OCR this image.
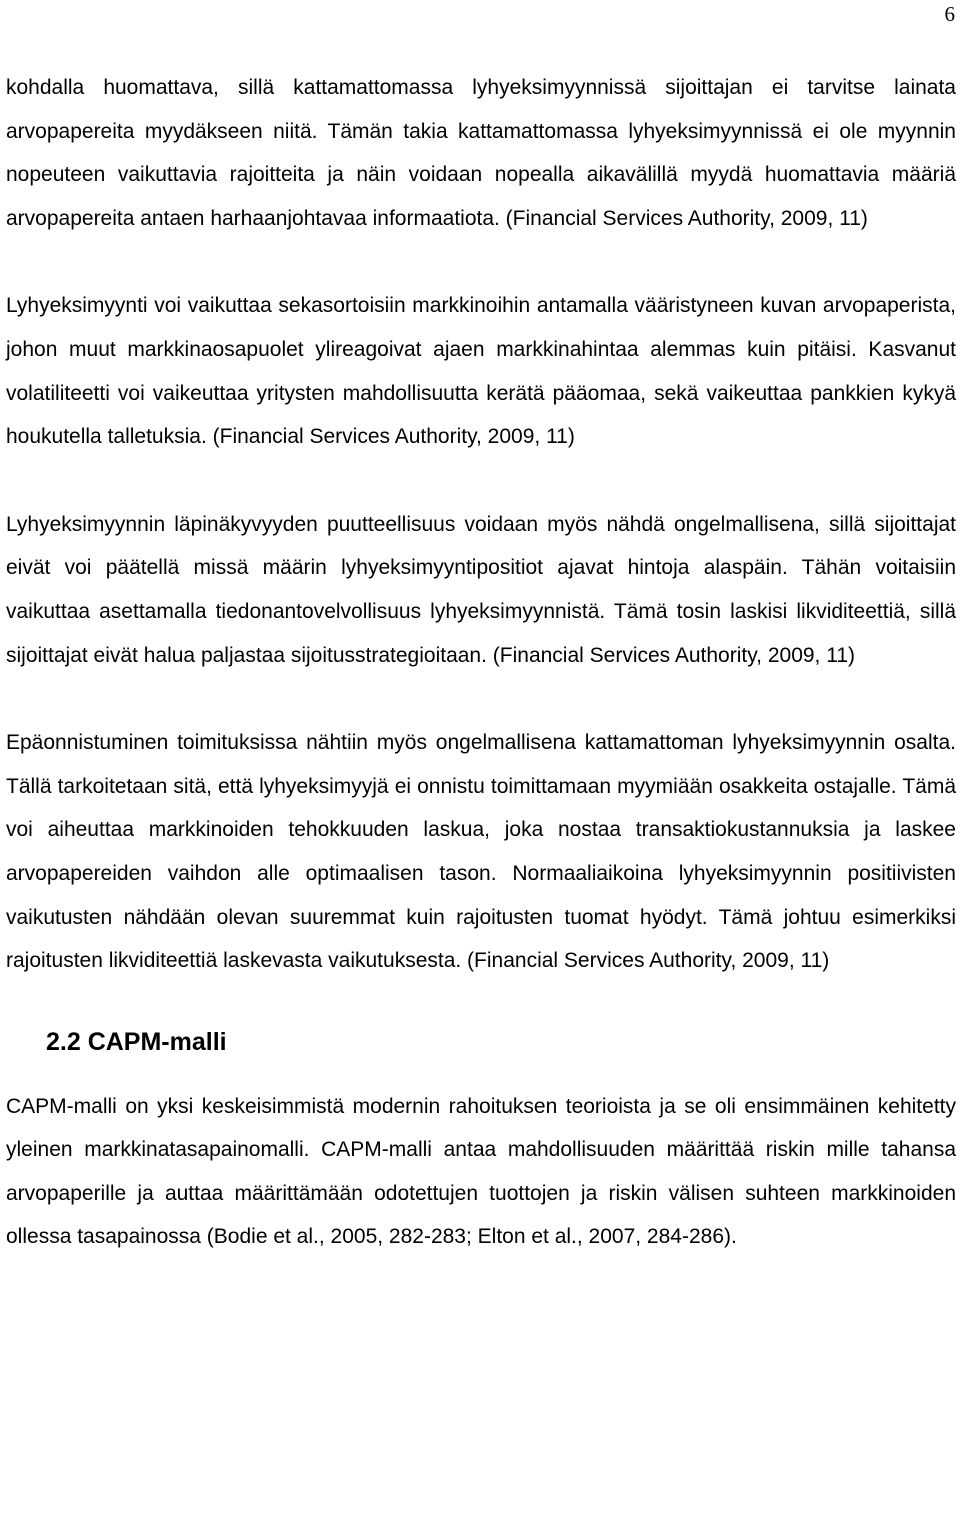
6

kohdalla huomattava, sillä kattamattomassa lyhyeksimyynnissä sijoittajan ei tarvitse lainata arvopapereita myydäkseen niitä. Tämän takia kattamattomassa lyhyeksimyynnissä ei ole myynnin nopeuteen vaikuttavia rajoitteita ja näin voidaan nopealla aikavälillä myydä huomattavia määriä arvopapereita antaen harhaanjohtavaa informaatiota. (Financial Services Authority, 2009, 11)

Lyhyeksimyynti voi vaikuttaa sekasortoisiin markkinoihin antamalla vääristyneen kuvan arvopaperista, johon muut markkinaosapuolet ylireagoivat ajaen markkinahintaa alemmas kuin pitäisi. Kasvanut volatiliteetti voi vaikeuttaa yritysten mahdollisuutta kerätä pääomaa, sekä vaikeuttaa pankkien kykyä houkutella talletuksia. (Financial Services Authority, 2009, 11)

Lyhyeksimyynnin läpinäkyvyyden puutteellisuus voidaan myös nähdä ongelmallisena, sillä sijoittajat eivät voi päätellä missä määrin lyhyeksimyyntipositiot ajavat hintoja alaspäin. Tähän voitaisiin vaikuttaa asettamalla tiedonantovelvollisuus lyhyeksimyynnistä. Tämä tosin laskisi likviditeettiä, sillä sijoittajat eivät halua paljastaa sijoitusstrategioitaan. (Financial Services Authority, 2009, 11)

Epäonnistuminen toimituksissa nähtiin myös ongelmallisena kattamattoman lyhyeksimyynnin osalta. Tällä tarkoitetaan sitä, että lyhyeksimyyjä ei onnistu toimittamaan myymiään osakkeita ostajalle. Tämä voi aiheuttaa markkinoiden tehokkuuden laskua, joka nostaa transaktiokustannuksia ja laskee arvopapereiden vaihdon alle optimaalisen tason. Normaaliaikoina lyhyeksimyynnin positiivisten vaikutusten nähdään olevan suuremmat kuin rajoitusten tuomat hyödyt. Tämä johtuu esimerkiksi rajoitusten likviditeettiä laskevasta vaikutuksesta. (Financial Services Authority, 2009, 11)

2.2 CAPM-malli

CAPM-malli on yksi keskeisimmistä modernin rahoituksen teorioista ja se oli ensimmäinen kehitetty yleinen markkinatasapainomalli. CAPM-malli antaa mahdollisuuden määrittää riskin mille tahansa arvopaperille ja auttaa määrittämään odotettujen tuottojen ja riskin välisen suhteen markkinoiden ollessa tasapainossa (Bodie et al., 2005, 282-283; Elton et al., 2007, 284-286).
